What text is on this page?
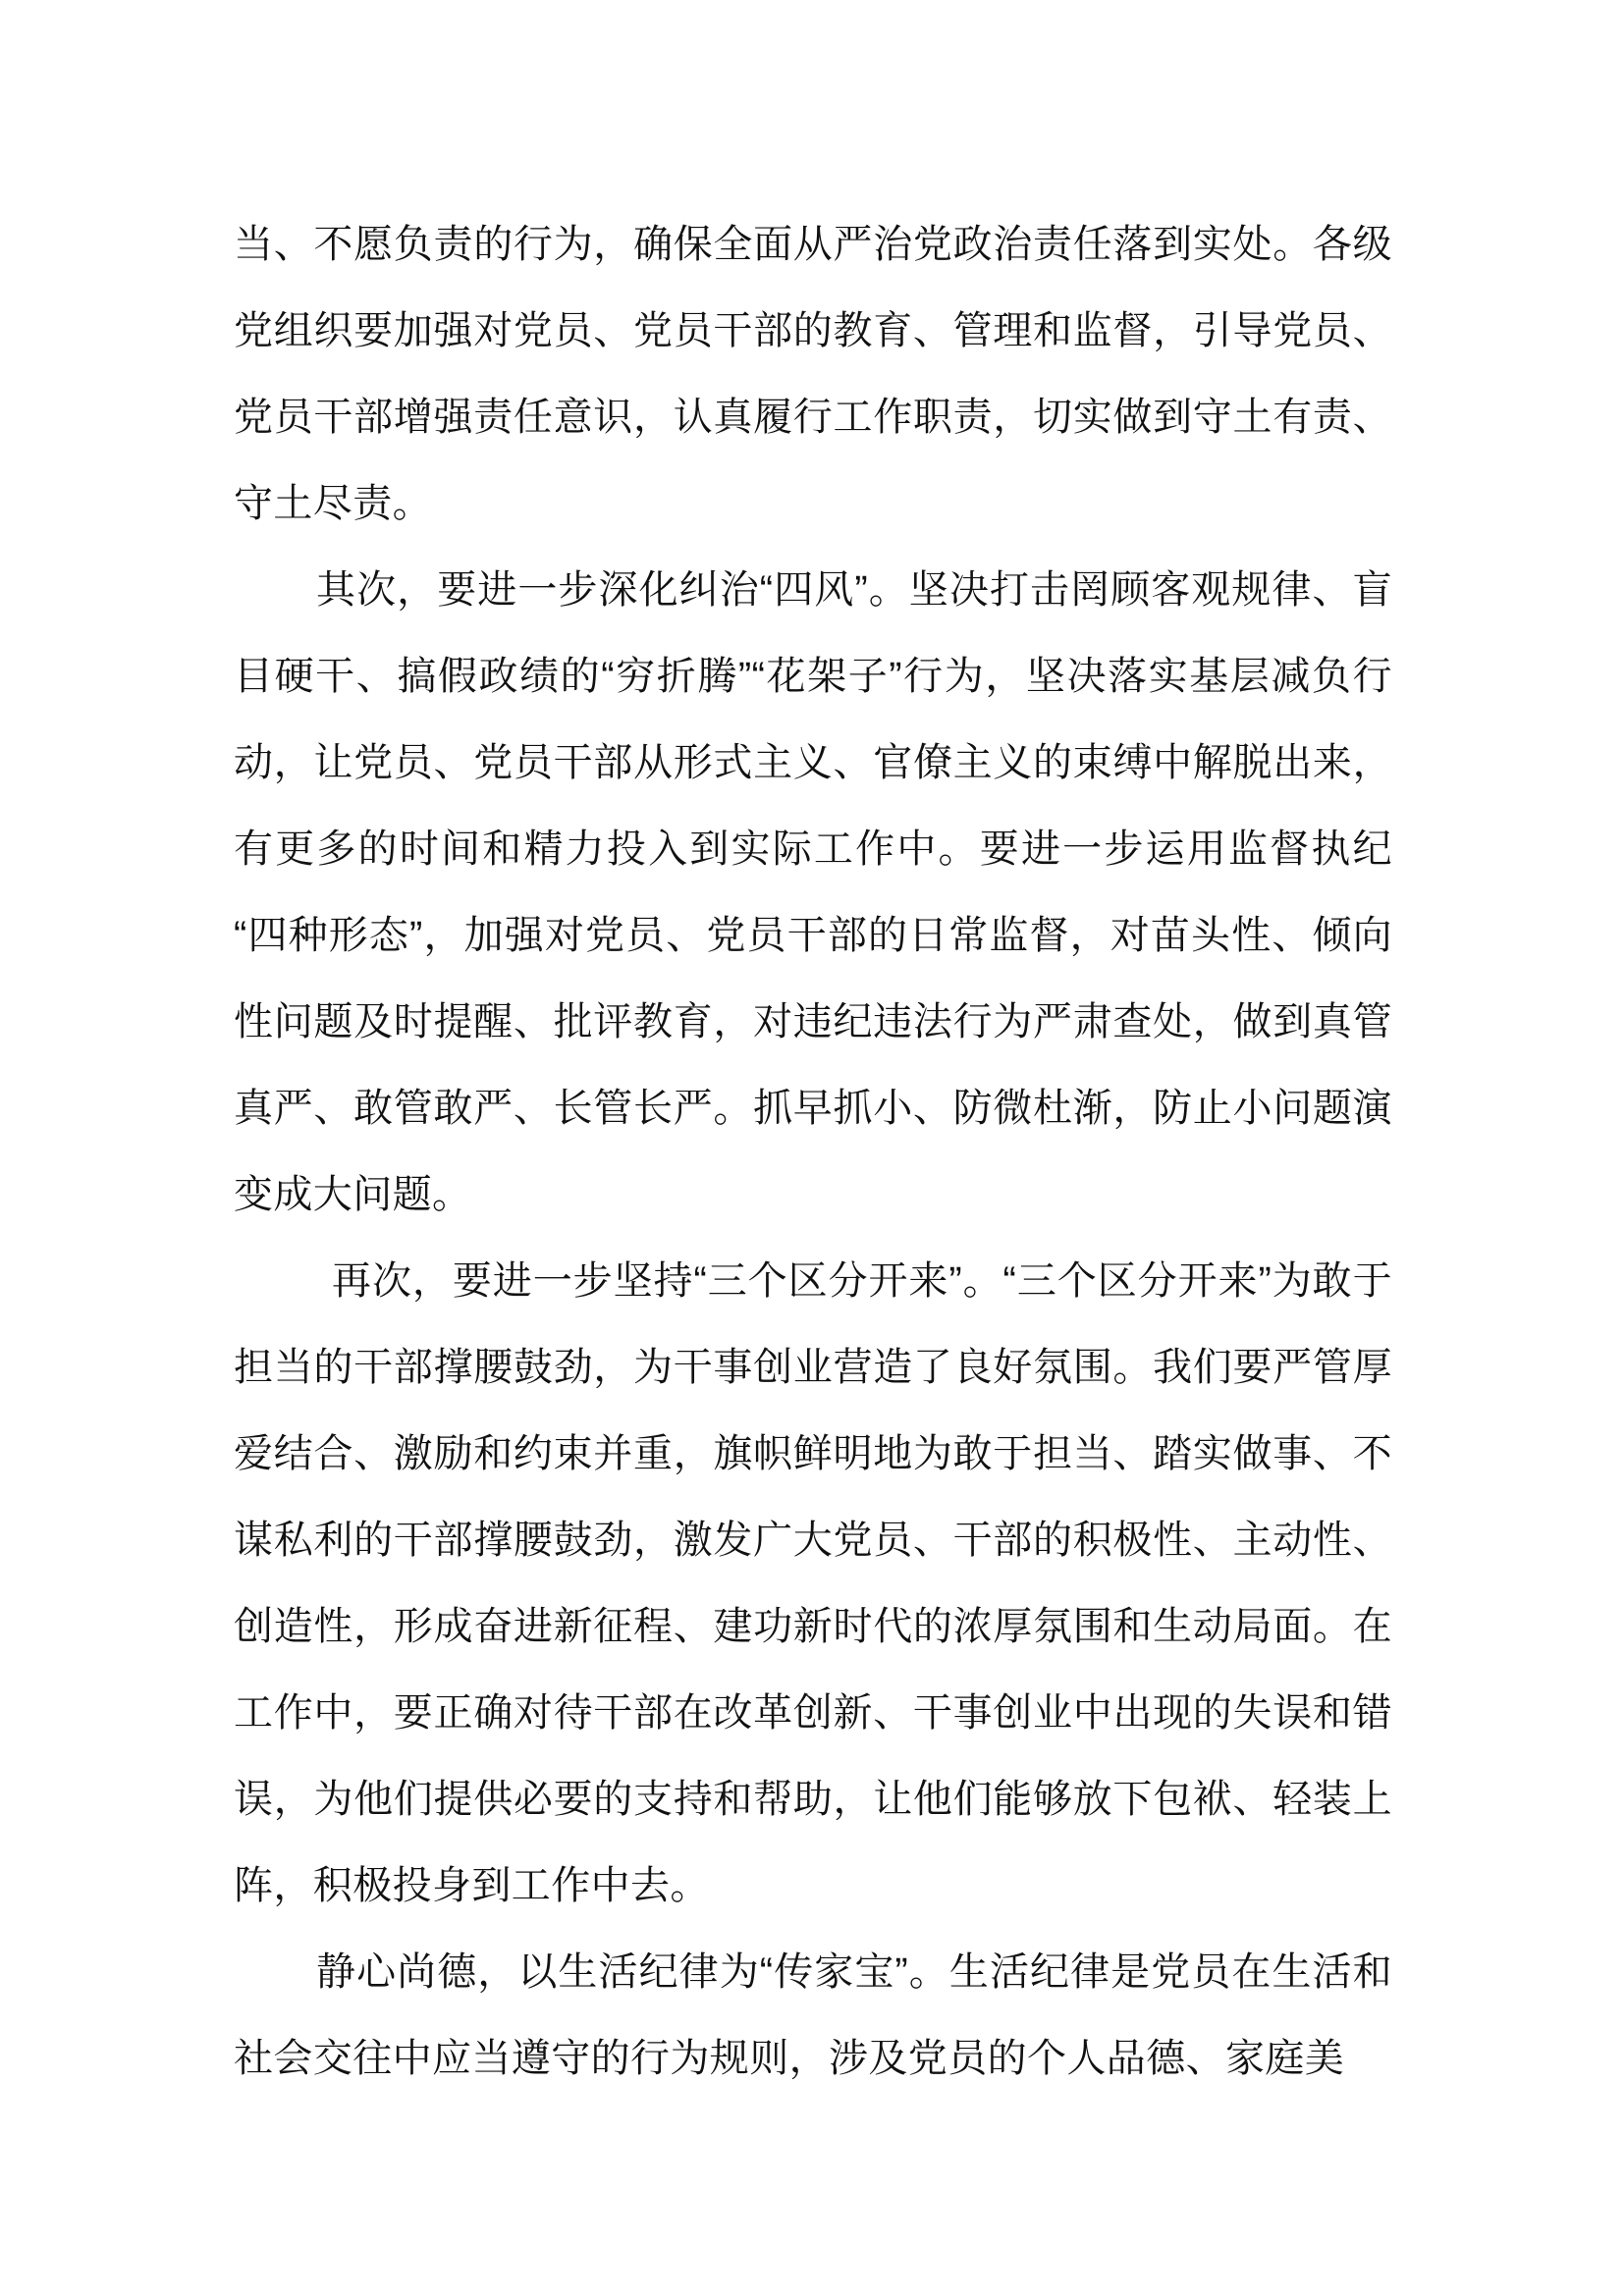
当、不愿负责的行为，确保全面从严治党政治责任落到实处。各级党组织要加强对党员、党员干部的教育、管理和监督，引导党员、党员干部增强责任意识，认真履行工作职责，切实做到守土有责、守土尽责。

其次，要进一步深化纠治“四风”。坚决打击罔顾客观规律、盲目硬干、搞假政绩的“穷折腾”“花架子”行为，坚决落实基层减负行动，让党员、党员干部从形式主义、官僚主义的束缚中解脱出来，有更多的时间和精力投入到实际工作中。要进一步运用监督执纪“四种形态”，加强对党员、党员干部的日常监督，对苗头性、倾向性问题及时提醒、批评教育，对违纪违法行为严肃查处，做到真管真严、敢管敢严、长管长严。抓早抓小、防微杜渐，防止小问题演变成大问题。

再次，要进一步坚持“三个区分开来”。“三个区分开来”为敢于担当的干部撑腰鼓劲，为干事创业营造了良好氛围。我们要严管厚爱结合、激励和约束并重，旗帜鲜明地为敢于担当、踏实做事、不谋私利的干部撑腰鼓劲，激发广大党员、干部的积极性、主动性、创造性，形成奋进新征程、建功新时代的浓厚氛围和生动局面。在工作中，要正确对待干部在改革创新、干事创业中出现的失误和错误，为他们提供必要的支持和帮助，让他们能够放下包袱、轻装上阵，积极投身到工作中去。

静心尚德，以生活纪律为“传家宝”。生活纪律是党员在生活和社会交往中应当遵守的行为规则，涉及党员的个人品德、家庭美
